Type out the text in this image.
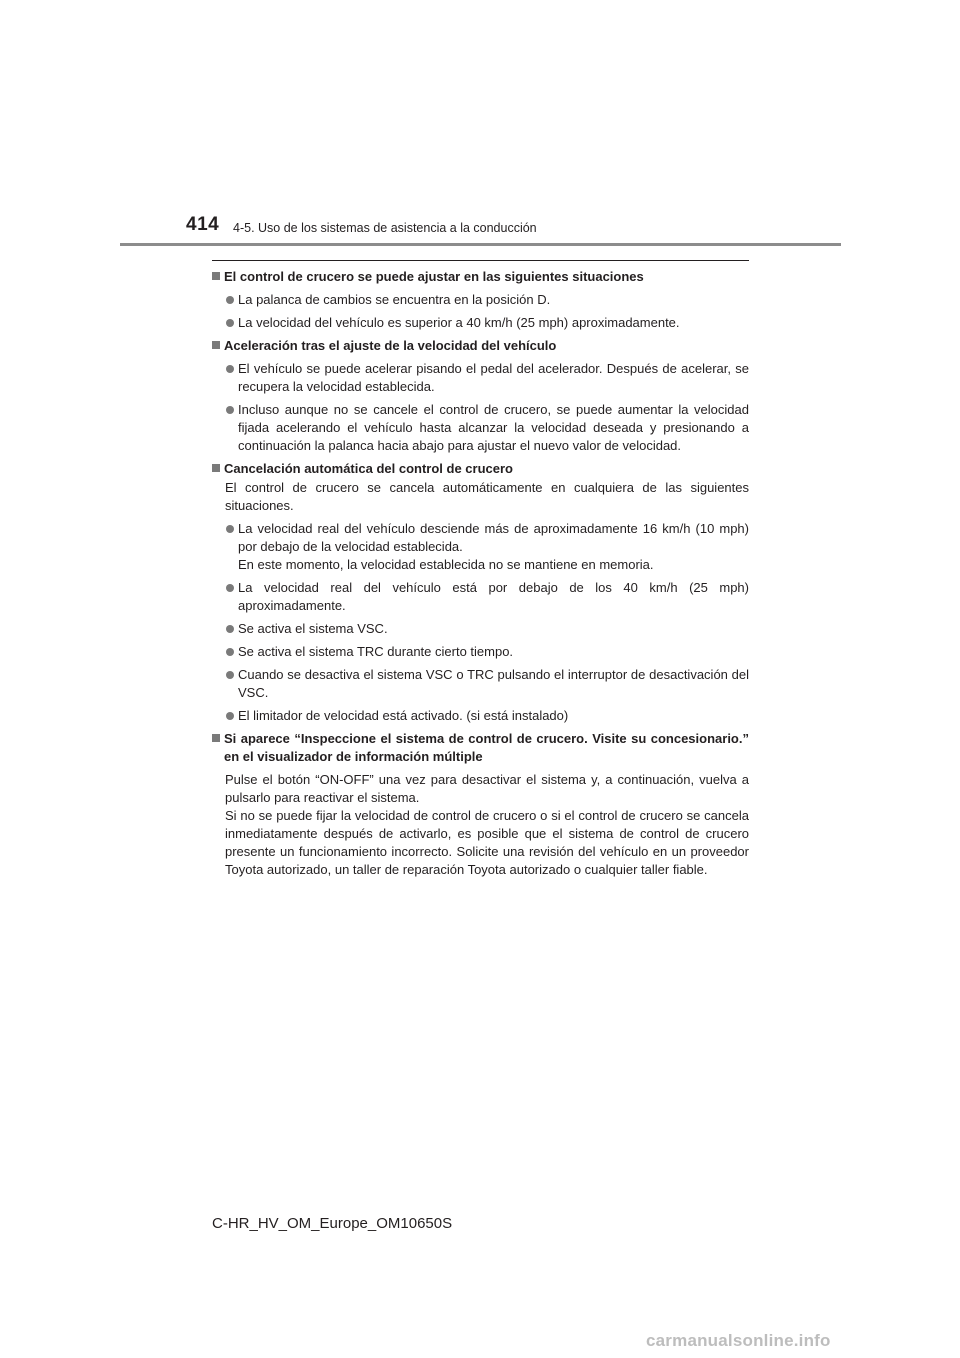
414 4-5. Uso de los sistemas de asistencia a la conducción
El control de crucero se puede ajustar en las siguientes situaciones
La palanca de cambios se encuentra en la posición D.
La velocidad del vehículo es superior a 40 km/h (25 mph) aproximadamente.
Aceleración tras el ajuste de la velocidad del vehículo
El vehículo se puede acelerar pisando el pedal del acelerador. Después de acelerar, se recupera la velocidad establecida.
Incluso aunque no se cancele el control de crucero, se puede aumentar la velocidad fijada acelerando el vehículo hasta alcanzar la velocidad deseada y presionando a continuación la palanca hacia abajo para ajustar el nuevo valor de velocidad.
Cancelación automática del control de crucero
El control de crucero se cancela automáticamente en cualquiera de las siguientes situaciones.
La velocidad real del vehículo desciende más de aproximadamente 16 km/h (10 mph) por debajo de la velocidad establecida.
En este momento, la velocidad establecida no se mantiene en memoria.
La velocidad real del vehículo está por debajo de los 40 km/h (25 mph) aproximadamente.
Se activa el sistema VSC.
Se activa el sistema TRC durante cierto tiempo.
Cuando se desactiva el sistema VSC o TRC pulsando el interruptor de desactivación del VSC.
El limitador de velocidad está activado. (si está instalado)
Si aparece “Inspeccione el sistema de control de crucero. Visite su concesionario.” en el visualizador de información múltiple
Pulse el botón “ON-OFF” una vez para desactivar el sistema y, a continuación, vuelva a pulsarlo para reactivar el sistema.
Si no se puede fijar la velocidad de control de crucero o si el control de crucero se cancela inmediatamente después de activarlo, es posible que el sistema de control de crucero presente un funcionamiento incorrecto. Solicite una revisión del vehículo en un proveedor Toyota autorizado, un taller de reparación Toyota autorizado o cualquier taller fiable.
C-HR_HV_OM_Europe_OM10650S
carmanualsonline.info
